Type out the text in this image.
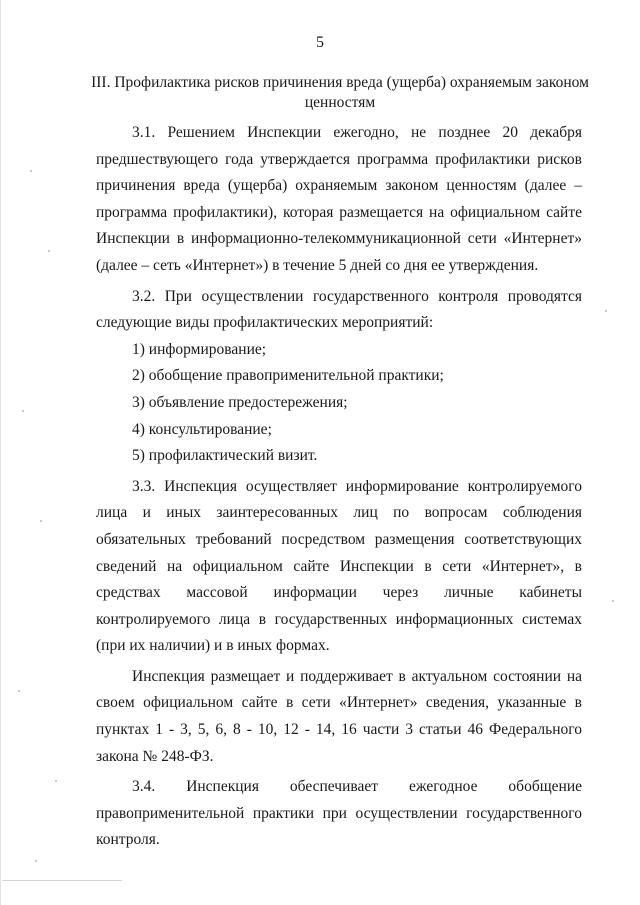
5
III. Профилактика рисков причинения вреда (ущерба) охраняемым законом ценностям

3.1. Решением Инспекции ежегодно, не позднее 20 декабря предшествующего года утверждается программа профилактики рисков причинения вреда (ущерба) охраняемым законом ценностям (далее – программа профилактики), которая размещается на официальном сайте Инспекции в информационно-телекоммуникационной сети «Интернет» (далее – сеть «Интернет») в течение 5 дней со дня ее утверждения.

3.2. При осуществлении государственного контроля проводятся следующие виды профилактических мероприятий:

1) информирование;

2) обобщение правоприменительной практики;

3) объявление предостережения;

4) консультирование;

5) профилактический визит.

3.3. Инспекция осуществляет информирование контролируемого лица и иных заинтересованных лиц по вопросам соблюдения обязательных требований посредством размещения соответствующих сведений на официальном сайте Инспекции в сети «Интернет», в средствах массовой информации через личные кабинеты контролируемого лица в государственных информационных системах (при их наличии) и в иных формах.

Инспекция размещает и поддерживает в актуальном состоянии на своем официальном сайте в сети «Интернет» сведения, указанные в пунктах 1 - 3, 5, 6, 8 - 10, 12 - 14, 16 части 3 статьи 46 Федерального закона № 248-ФЗ.

3.4. Инспекция обеспечивает ежегодное обобщение правоприменительной практики при осуществлении государственного контроля.
